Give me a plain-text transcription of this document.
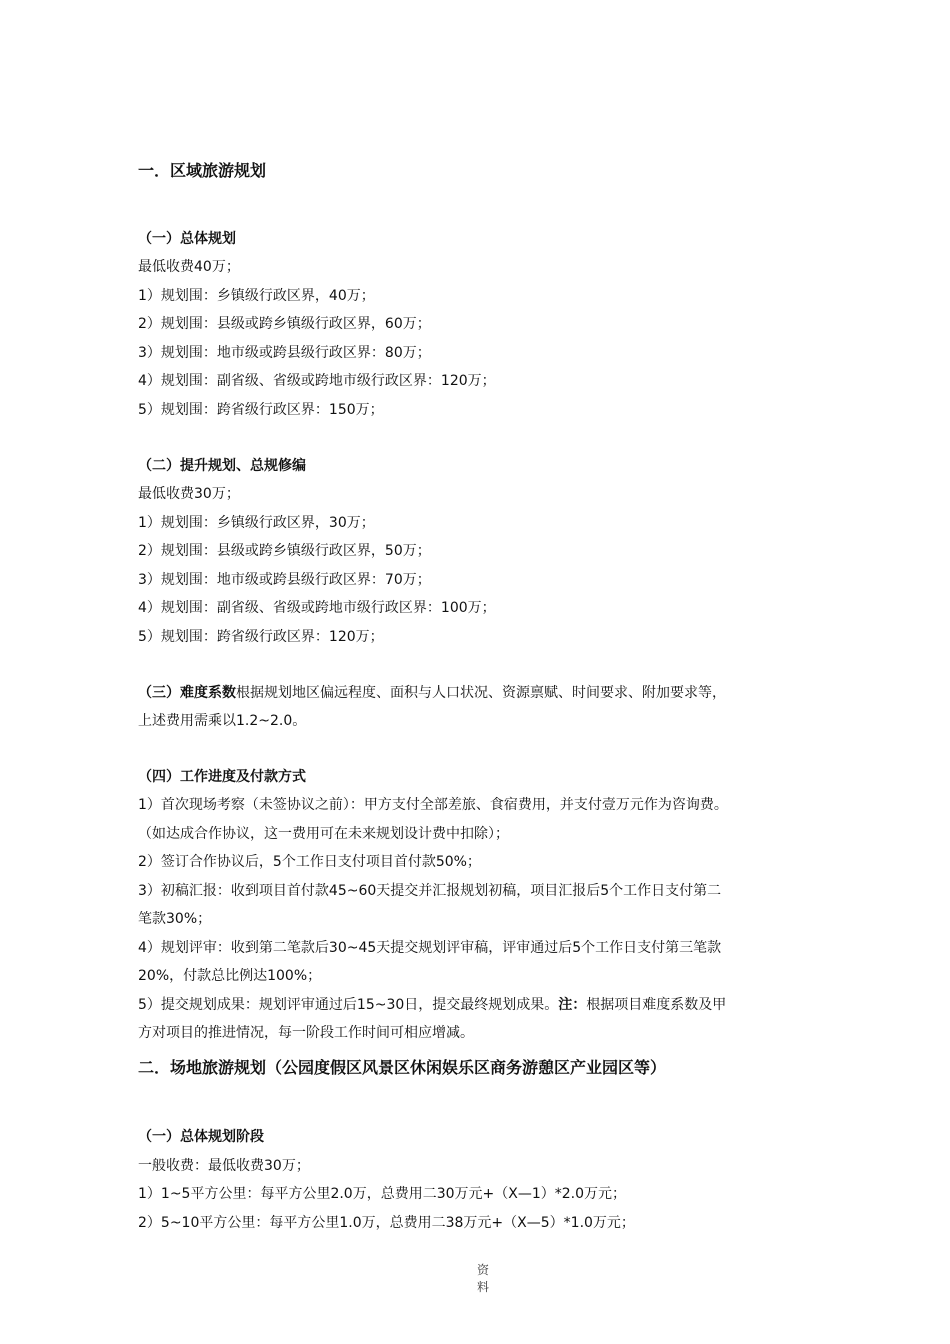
一．区域旅游规划
（一）总体规划
最低收费40万；
1）规划围：乡镇级行政区界，40万；
2）规划围：县级或跨乡镇级行政区界，60万；
3）规划围：地市级或跨县级行政区界：80万；
4）规划围：副省级、省级或跨地市级行政区界：120万；
5）规划围：跨省级行政区界：150万；
（二）提升规划、总规修编
最低收费30万；
1）规划围：乡镇级行政区界，30万；
2）规划围：县级或跨乡镇级行政区界，50万；
3）规划围：地市级或跨县级行政区界：70万；
4）规划围：副省级、省级或跨地市级行政区界：100万；
5）规划围：跨省级行政区界：120万；
（三）难度系数根据规划地区偏远程度、面积与人口状况、资源禀赋、时间要求、附加要求等，
上述费用需乘以1.2~2.0。
（四）工作进度及付款方式
1）首次现场考察（未签协议之前）：甲方支付全部差旅、食宿费用，并支付壹万元作为咨询费。
（如达成合作协议，这一费用可在未来规划设计费中扣除）；
2）签订合作协议后，5个工作日支付项目首付款50%；
3）初稿汇报：收到项目首付款45~60天提交并汇报规划初稿，项目汇报后5个工作日支付第二
笔款30%；
4）规划评审：收到第二笔款后30~45天提交规划评审稿，评审通过后5个工作日支付第三笔款
20%，付款总比例达100%；
5）提交规划成果：规划评审通过后15~30日，提交最终规划成果。注：根据项目难度系数及甲
方对项目的推进情况，每一阶段工作时间可相应增减。
二．场地旅游规划（公园度假区风景区休闲娱乐区商务游憩区产业园区等）
（一）总体规划阶段
一般收费：最低收费30万；
1）1~5平方公里：每平方公里2.0万，总费用二30万元+（X—1）*2.0万元；
2）5~10平方公里：每平方公里1.0万，总费用二38万元+（X—5）*1.0万元；
资
料
